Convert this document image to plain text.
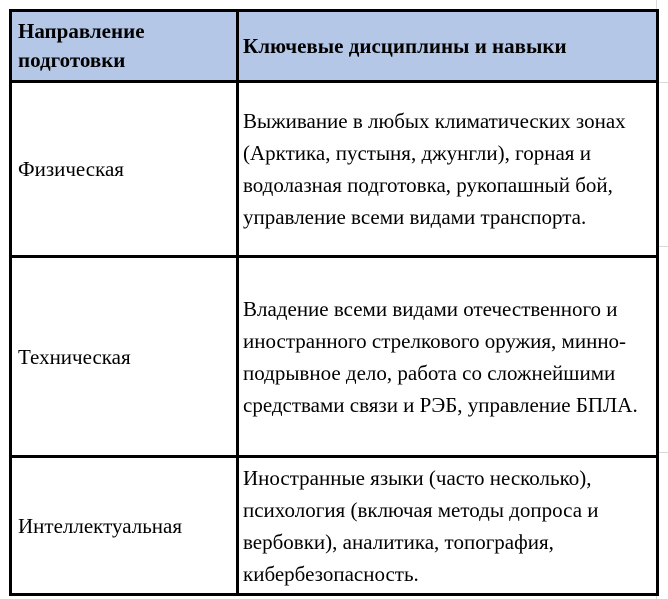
Направление подготовки	Ключевые дисциплины и навыки

Физическая	Выживание в любых климатических зонах (Арктика, пустыня, джунгли), горная и водолазная подготовка, рукопашный бой, управление всеми видами транспорта.

Техническая	Владение всеми видами отечественного и иностранного стрелкового оружия, минно-подрывное дело, работа со сложнейшими средствами связи и РЭБ, управление БПЛА.

Интеллектуальная	Иностранные языки (часто несколько), психология (включая методы допроса и вербовки), аналитика, топография, кибербезопасность.
